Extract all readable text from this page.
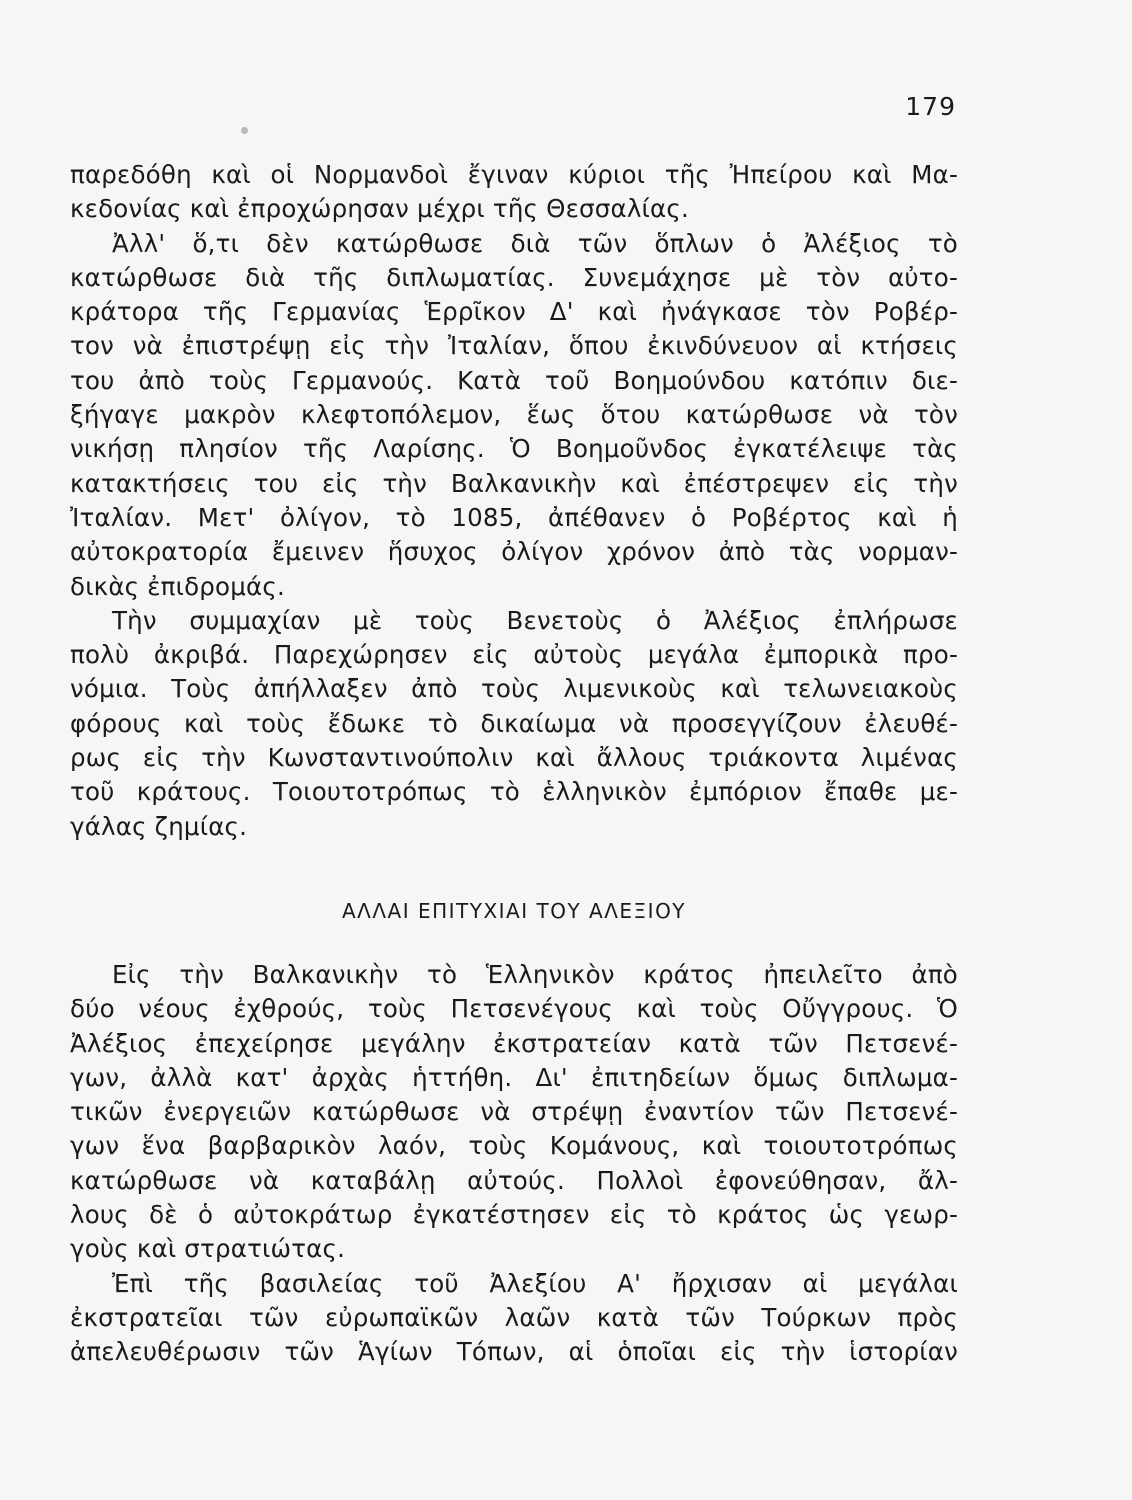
179
παρεδόθη καὶ οἱ Νορμανδοὶ ἔγιναν κύριοι τῆς Ἠπείρου καὶ Μα-
κεδονίας καὶ ἐπροχώρησαν μέχρι τῆς Θεσσαλίας.
Ἀλλ' ὅ,τι δὲν κατώρθωσε διὰ τῶν ὅπλων ὁ Ἀλέξιος τὸ
κατώρθωσε διὰ τῆς διπλωματίας. Συνεμάχησε μὲ τὸν αὐτο-
κράτορα τῆς Γερμανίας Ἑρρῖκον Δ' καὶ ἠνάγκασε τὸν Ροβέρ-
τον νὰ ἐπιστρέψῃ εἰς τὴν Ἰταλίαν, ὅπου ἐκινδύνευον αἱ κτήσεις
του ἀπὸ τοὺς Γερμανούς. Κατὰ τοῦ Βοημούνδου κατόπιν διε-
ξήγαγε μακρὸν κλεφτοπόλεμον, ἕως ὅτου κατώρθωσε νὰ τὸν
νικήσῃ πλησίον τῆς Λαρίσης. Ὁ Βοημοῦνδος ἐγκατέλειψε τὰς
κατακτήσεις του εἰς τὴν Βαλκανικὴν καὶ ἐπέστρεψεν εἰς τὴν
Ἰταλίαν. Μετ' ὀλίγον, τὸ 1085, ἀπέθανεν ὁ Ροβέρτος καὶ ἡ
αὐτοκρατορία ἔμεινεν ἥσυχος ὀλίγον χρόνον ἀπὸ τὰς νορμαν-
δικὰς ἐπιδρομάς.
Τὴν συμμαχίαν μὲ τοὺς Βενετοὺς ὁ Ἀλέξιος ἐπλήρωσε
πολὺ ἀκριβά. Παρεχώρησεν εἰς αὐτοὺς μεγάλα ἐμπορικὰ προ-
νόμια. Τοὺς ἀπήλλαξεν ἀπὸ τοὺς λιμενικοὺς καὶ τελωνειακοὺς
φόρους καὶ τοὺς ἔδωκε τὸ δικαίωμα νὰ προσεγγίζουν ἐλευθέ-
ρως εἰς τὴν Κωνσταντινούπολιν καὶ ἄλλους τριάκοντα λιμένας
τοῦ κράτους. Τοιουτοτρόπως τὸ ἑλληνικὸν ἐμπόριον ἔπαθε με-
γάλας ζημίας.
ΑΛΛΑΙ ΕΠΙΤΥΧΙΑΙ ΤΟΥ ΑΛΕΞΙΟΥ
Εἰς τὴν Βαλκανικὴν τὸ Ἑλληνικὸν κράτος ἠπειλεῖτο ἀπὸ
δύο νέους ἐχθρούς, τοὺς Πετσενέγους καὶ τοὺς Οὔγγρους. Ὁ
Ἀλέξιος ἐπεχείρησε μεγάλην ἐκστρατείαν κατὰ τῶν Πετσενέ-
γων, ἀλλὰ κατ' ἀρχὰς ἡττήθη. Δι' ἐπιτηδείων ὅμως διπλωμα-
τικῶν ἐνεργειῶν κατώρθωσε νὰ στρέψῃ ἐναντίον τῶν Πετσενέ-
γων ἕνα βαρβαρικὸν λαόν, τοὺς Κομάνους, καὶ τοιουτοτρόπως
κατώρθωσε νὰ καταβάλῃ αὐτούς. Πολλοὶ ἐφονεύθησαν, ἄλ-
λους δὲ ὁ αὐτοκράτωρ ἐγκατέστησεν εἰς τὸ κράτος ὡς γεωρ-
γοὺς καὶ στρατιώτας.
Ἐπὶ τῆς βασιλείας τοῦ Ἀλεξίου Α' ἤρχισαν αἱ μεγάλαι
ἐκστρατεῖαι τῶν εὐρωπαϊκῶν λαῶν κατὰ τῶν Τούρκων πρὸς
ἀπελευθέρωσιν τῶν Ἁγίων Τόπων, αἱ ὁποῖαι εἰς τὴν ἱστορίαν
